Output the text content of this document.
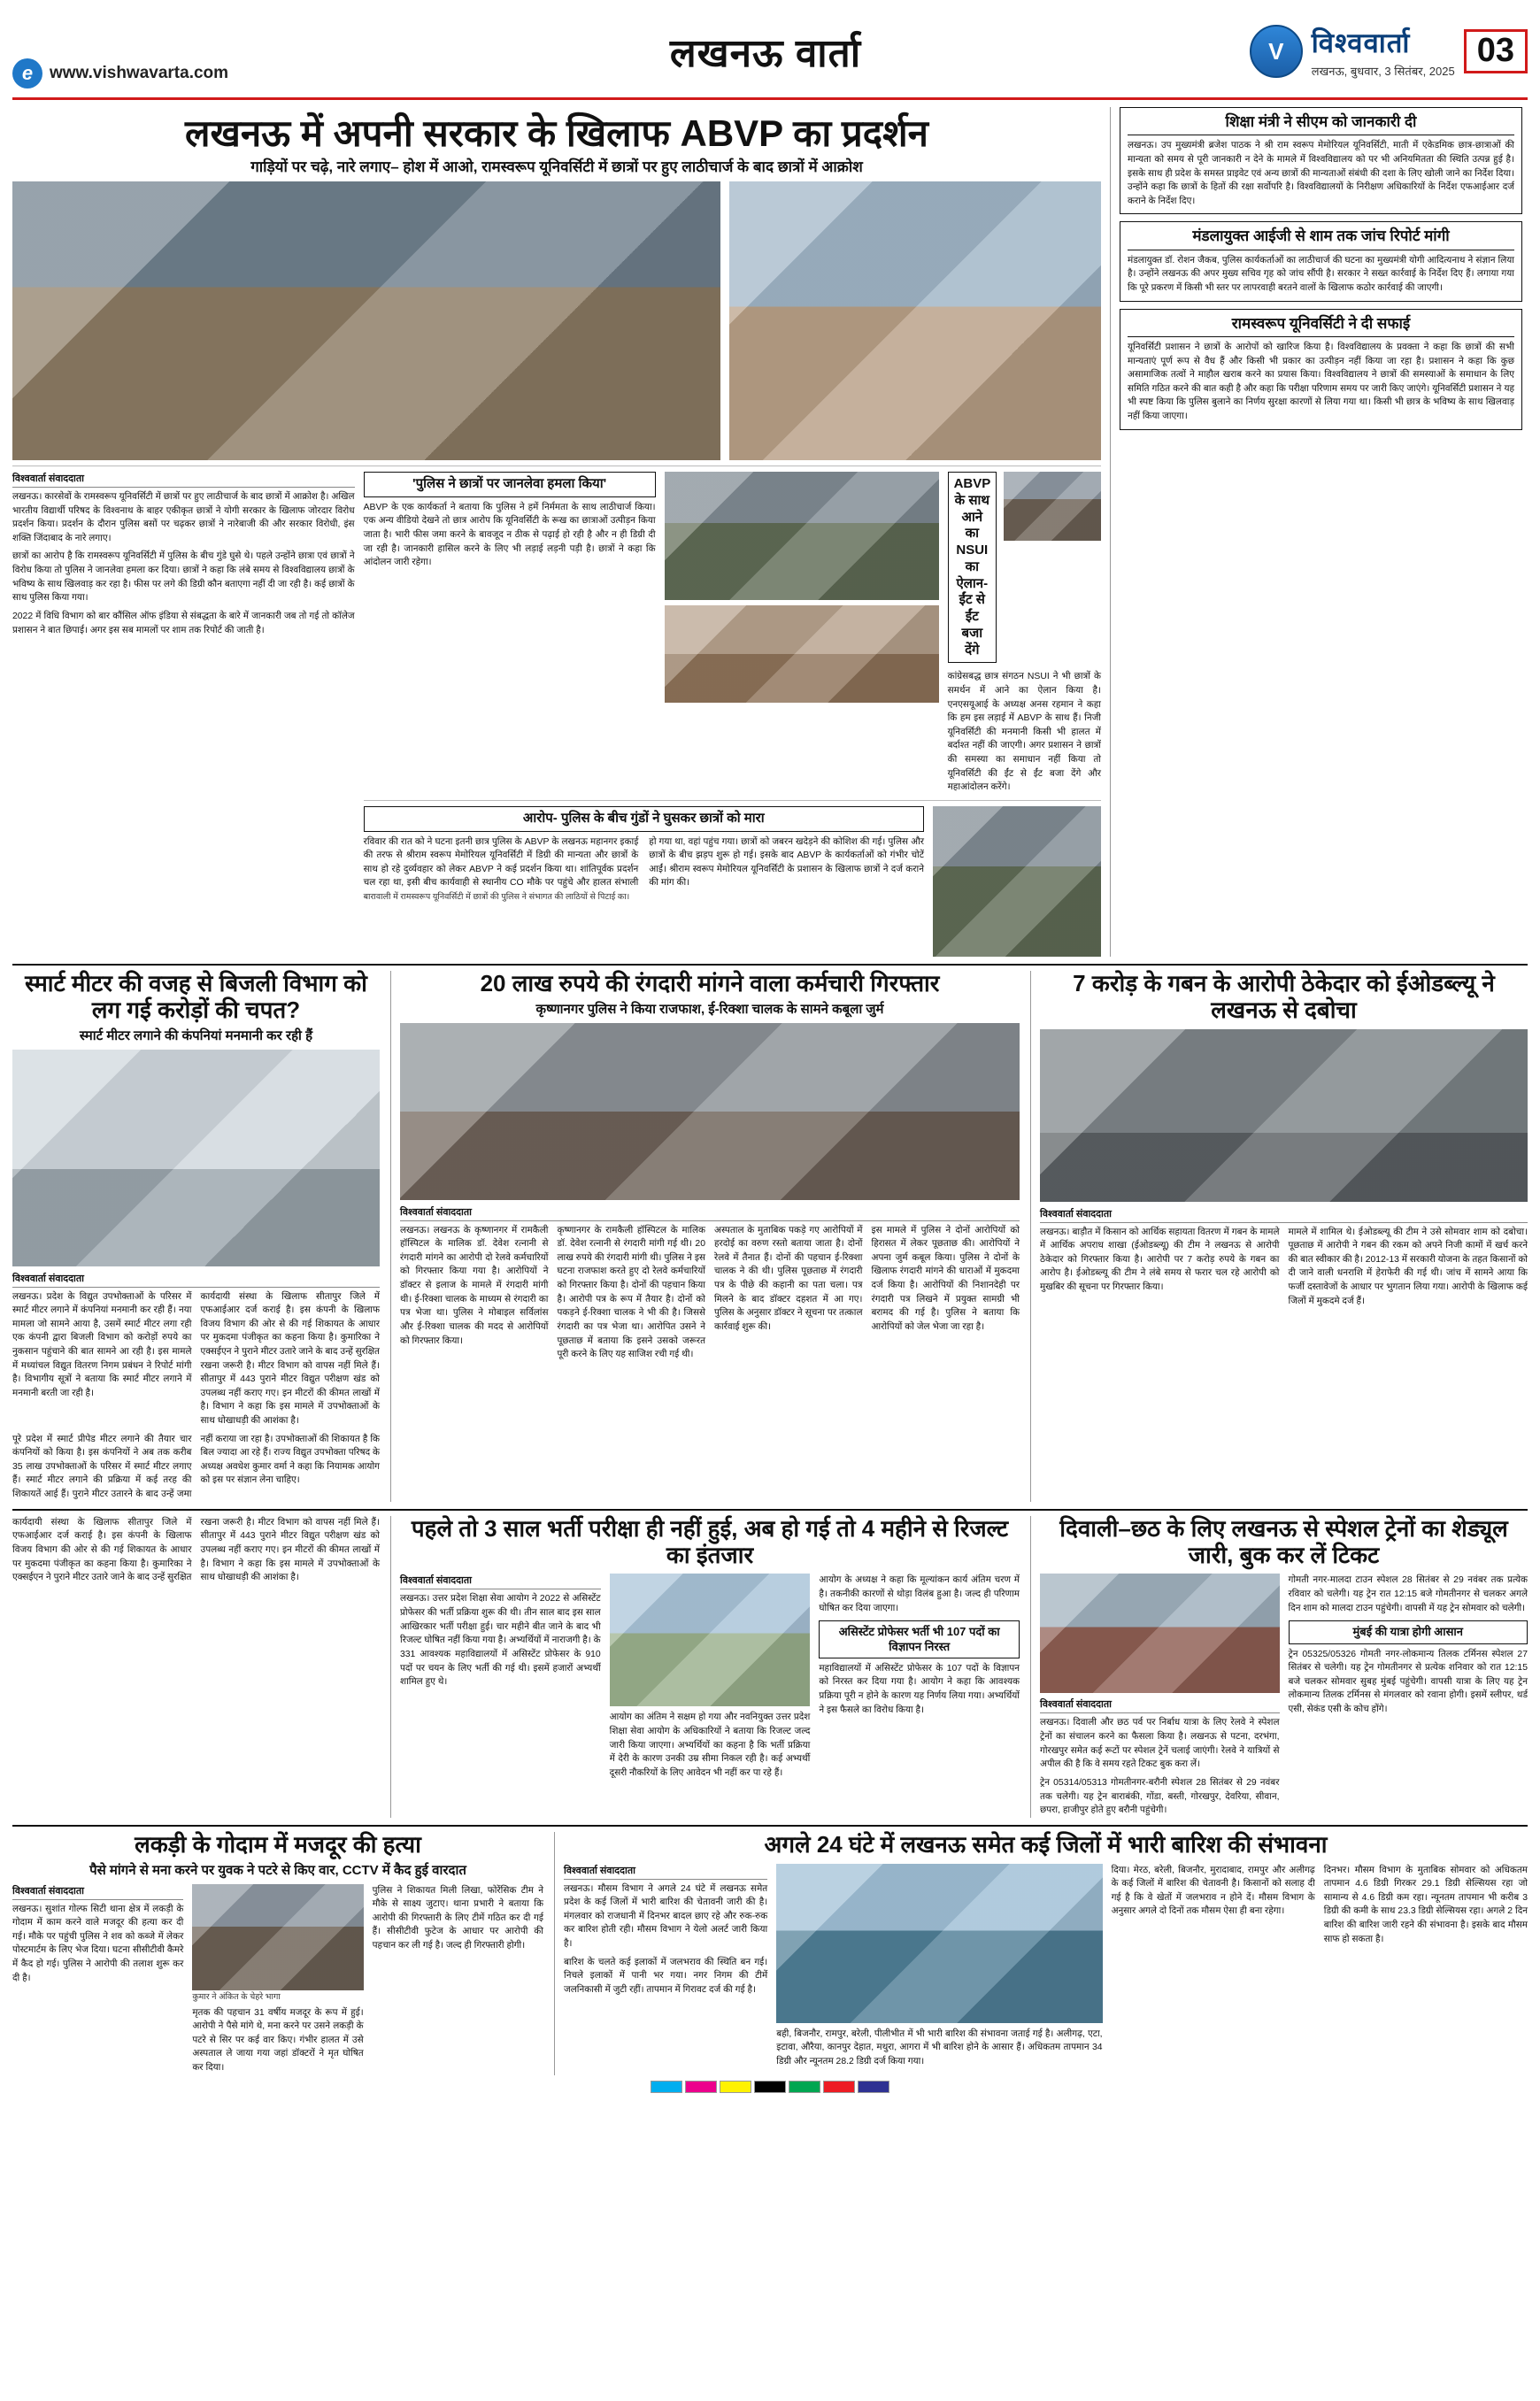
e www.vishwavarta.com	लखनऊ वार्ता	V	विश्ववार्ता
लखनऊ, बुधवार, 3 सितंबर, 2025
03
लखनऊ में अपनी सरकार के खिलाफ ABVP का प्रदर्शन
गाड़ियों पर चढ़े, नारे लगाए– होश में आओ, रामस्वरूप यूनिवर्सिटी में छात्रों पर हुए लाठीचार्ज के बाद छात्रों में आक्रोश
विश्ववार्ता संवाददाता
लखनऊ। कारसेवों के रामस्वरूप यूनिवर्सिटी में छात्रों पर हुए लाठीचार्ज के बाद छात्रों में आक्रोश है। अखिल भारतीय विद्यार्थी परिषद के विश्वनाथ के बाहर एकीकृत छात्रों ने योगी सरकार के खिलाफ जोरदार विरोध प्रदर्शन किया। प्रदर्शन के दौरान पुलिस बसों पर चढ़कर छात्रों ने नारेबाजी की और सरकार विरोधी, इंस शक्ति जिंदाबाद के नारे लगाए।
छात्रों का आरोप है कि रामस्वरूप यूनिवर्सिटी में पुलिस के बीच गुंडे घुसे थे। पहले उन्होंने छात्रा एवं छात्रों ने विरोध किया तो पुलिस ने जानलेवा हमला कर दिया। छात्रों ने कहा कि लंबे समय से विश्वविद्यालय छात्रों के भविष्य के साथ खिलवाड़ कर रहा है। फीस पर लगे की डिग्री कौन बताएगा नहीं दी जा रही है। कई छात्रों के साथ पुलिस किया गया।
2022 में विधि विभाग को बार कौंसिल ऑफ इंडिया से संबद्धता के बारे में जानकारी जब तो गई तो कॉलेज प्रशासन ने बात छिपाई। अगर इस सब मामलों पर शाम तक रिपोर्ट की जाती है।
'पुलिस ने छात्रों पर जानलेवा हमला किया'
ABVP के एक कार्यकर्ता ने बताया कि पुलिस ने हमें निर्ममता के साथ लाठीचार्ज किया। एक अन्य वीडियो देखने तो छात्र आरोप कि यूनिवर्सिटी के रूख का छात्राओं उत्पीड़न किया जाता है। भारी फीस जमा करने के बावजूद न ठीक से पढ़ाई हो रही है और न ही डिग्री दी जा रही है। जानकारी हासिल करने के लिए भी लड़ाई लड़नी पड़ी है। छात्रों ने कहा कि आंदोलन जारी रहेगा।
ABVP के साथ आने का NSUI का ऐलान- ईंट से ईंट बजा देंगे
कांग्रेसबद्ध छात्र संगठन NSUI ने भी छात्रों के समर्थन में आने का ऐलान किया है। एनएसयूआई के अध्यक्ष अनस रहमान ने कहा कि हम इस लड़ाई में ABVP के साथ हैं। निजी यूनिवर्सिटी की मनमानी किसी भी हालत में बर्दाश्त नहीं की जाएगी। अगर प्रशासन ने छात्रों की समस्या का समाधान नहीं किया तो यूनिवर्सिटी की ईंट से ईंट बजा देंगे और महाआंदोलन करेंगे।
आरोप- पुलिस के बीच गुंडों ने घुसकर छात्रों को मारा
रविवार की रात को ने घटना इतनी छात्र पुलिस के ABVP के लखनऊ महानगर इकाई की तरफ से श्रीराम स्वरूप मेमोरियल यूनिवर्सिटी में डिग्री की मान्यता और छात्रों के साथ हो रहे दुर्व्यवहार को लेकर ABVP ने कई प्रदर्शन किया था। शांतिपूर्वक प्रदर्शन चल रहा था, इसी बीच कार्यवाही से स्थानीय CO मौके पर पहुंचे और हालत संभाली हो गया था, वहां पहुंच गया। छात्रों को जबरन खदेड़ने की कोशिश की गई। पुलिस और छात्रों के बीच झड़प शुरू हो गई। इसके बाद ABVP के कार्यकर्ताओं को गंभीर चोटें आईं। श्रीराम स्वरूप मेमोरियल यूनिवर्सिटी के प्रशासन के खिलाफ छात्रों ने दर्ज कराने की मांग की।
बारावाली में रामस्वरूप यूनिवर्सिटी में छात्रों की पुलिस ने संभागत की लाठियों से पिटाई का।
शिक्षा मंत्री ने सीएम को जानकारी दी
लखनऊ। उप मुख्यमंत्री ब्रजेश पाठक ने श्री राम स्वरूप मेमोरियल यूनिवर्सिटी, माती में एकेडमिक छात्र-छात्राओं की मान्यता को समय से पूरी जानकारी न देने के मामले में विश्वविद्यालय को पर भी अनियमितता की स्थिति उत्पन्न हुई है। इसके साथ ही प्रदेश के समस्त प्राइवेट एवं अन्य छात्रों की मान्यताओं संबंधी की दशा के लिए खोली जाने का निर्देश दिया। उन्होंने कहा कि छात्रों के हितों की रक्षा सर्वोपरि है। विश्वविद्यालयों के निरीक्षण अधिकारियों के निर्देश एफआईआर दर्ज कराने के निर्देश दिए।
मंडलायुक्त आईजी से शाम तक जांच रिपोर्ट मांगी
मंडलायुक्त डॉ. रोशन जैकब, पुलिस कार्यकर्ताओं का लाठीचार्ज की घटना का मुख्यमंत्री योगी आदित्यनाथ ने संज्ञान लिया है। उन्होंने लखनऊ की अपर मुख्य सचिव गृह को जांच सौंपी है। सरकार ने सख्त कार्रवाई के निर्देश दिए हैं। लगाया गया कि पूरे प्रकरण में किसी भी स्तर पर लापरवाही बरतने वालों के खिलाफ कठोर कार्रवाई की जाएगी।
रामस्वरूप यूनिवर्सिटी ने दी सफाई
यूनिवर्सिटी प्रशासन ने छात्रों के आरोपों को खारिज किया है। विश्वविद्यालय के प्रवक्ता ने कहा कि छात्रों की सभी मान्यताएं पूर्ण रूप से वैध हैं और किसी भी प्रकार का उत्पीड़न नहीं किया जा रहा है। प्रशासन ने कहा कि कुछ असामाजिक तत्वों ने माहौल खराब करने का प्रयास किया। विश्वविद्यालय ने छात्रों की समस्याओं के समाधान के लिए समिति गठित करने की बात कही है और कहा कि परीक्षा परिणाम समय पर जारी किए जाएंगे। यूनिवर्सिटी प्रशासन ने यह भी स्पष्ट किया कि पुलिस बुलाने का निर्णय सुरक्षा कारणों से लिया गया था। किसी भी छात्र के भविष्य के साथ खिलवाड़ नहीं किया जाएगा।
स्मार्ट मीटर की वजह से बिजली विभाग को लग गई करोड़ों की चपत?
स्मार्ट मीटर लगाने की कंपनियां मनमानी कर रही हैं
विश्ववार्ता संवाददाता
लखनऊ। प्रदेश के विद्युत उपभोक्ताओं के परिसर में स्मार्ट मीटर लगाने में कंपनियां मनमानी कर रही हैं। नया मामला जो सामने आया है, उसमें स्मार्ट मीटर लगा रही एक कंपनी द्वारा बिजली विभाग को करोड़ों रुपये का नुकसान पहुंचाने की बात सामने आ रही है। इस मामले में मध्यांचल विद्युत वितरण निगम प्रबंधन ने रिपोर्ट मांगी है। विभागीय सूत्रों ने बताया कि स्मार्ट मीटर लगाने में मनमानी बरती जा रही है।
कार्यदायी संस्था के खिलाफ सीतापुर जिले में एफआईआर दर्ज कराई है। इस कंपनी के खिलाफ विजय विभाग की ओर से की गई शिकायत के आधार पर मुकदमा पंजीकृत का कहना किया है। कुमारिका ने एक्सईएन ने पुराने मीटर उतारे जाने के बाद उन्हें सुरक्षित रखना जरूरी है। मीटर विभाग को वापस नहीं मिले हैं। सीतापुर में 443 पुराने मीटर विद्युत परीक्षण खंड को उपलब्ध नहीं कराए गए। इन मीटरों की कीमत लाखों में है। विभाग ने कहा कि इस मामले में उपभोक्ताओं के साथ धोखाधड़ी की आशंका है।
पूरे प्रदेश में स्मार्ट प्रीपेड मीटर लगाने की तैयार चार कंपनियों को किया है। इस कंपनियों ने अब तक करीब 35 लाख उपभोक्ताओं के परिसर में स्मार्ट मीटर लगाए हैं। स्मार्ट मीटर लगाने की प्रक्रिया में कई तरह की शिकायतें आई हैं। पुराने मीटर उतारने के बाद उन्हें जमा नहीं कराया जा रहा है। उपभोक्ताओं की शिकायत है कि बिल ज्यादा आ रहे हैं। राज्य विद्युत उपभोक्ता परिषद के अध्यक्ष अवधेश कुमार वर्मा ने कहा कि नियामक आयोग को इस पर संज्ञान लेना चाहिए।
20 लाख रुपये की रंगदारी मांगने वाला कर्मचारी गिरफ्तार
कृष्णानगर पुलिस ने किया राजफाश, ई-रिक्शा चालक के सामने कबूला जुर्म
विश्ववार्ता संवाददाता
लखनऊ। लखनऊ के कृष्णानगर में रामकैली हॉस्पिटल के मालिक डॉ. देवेश रत्नानी से रंगदारी मांगने का आरोपी दो रेलवे कर्मचारियों को गिरफ्तार किया गया है। आरोपियों ने डॉक्टर से इलाज के मामले में रंगदारी मांगी थी। ई-रिक्शा चालक के माध्यम से रंगदारी का पत्र भेजा था। पुलिस ने मोबाइल सर्विलांस और ई-रिक्शा चालक की मदद से आरोपियों को गिरफ्तार किया।
कृष्णानगर के रामकैली हॉस्पिटल के मालिक डॉ. देवेश रत्नानी से रंगदारी मांगी गई थी। 20 लाख रुपये की रंगदारी मांगी थी। पुलिस ने इस घटना राजफाश करते हुए दो रेलवे कर्मचारियों को गिरफ्तार किया है। दोनों की पहचान किया है। आरोपी पत्र के रूप में तैयार है। दोनों को पकड़ने ई-रिक्शा चालक ने भी की है। जिससे रंगदारी का पत्र भेजा था। आरोपित उसने ने पूछताछ में बताया कि इसने उसको जरूरत पूरी करने के लिए यह साजिश रची गई थी।
अस्पताल के मुताबिक पकड़े गए आरोपियों में हरदोई का वरुण रस्तो बताया जाता है। दोनों रेलवे में तैनात हैं। दोनों की पहचान ई-रिक्शा चालक ने की थी। पुलिस पूछताछ में रंगदारी पत्र के पीछे की कहानी का पता चला। पत्र मिलने के बाद डॉक्टर दहशत में आ गए। पुलिस के अनुसार डॉक्टर ने सूचना पर तत्काल कार्रवाई शुरू की।
इस मामले में पुलिस ने दोनों आरोपियों को हिरासत में लेकर पूछताछ की। आरोपियों ने अपना जुर्म कबूल किया। पुलिस ने दोनों के खिलाफ रंगदारी मांगने की धाराओं में मुकदमा दर्ज किया है। आरोपियों की निशानदेही पर रंगदारी पत्र लिखने में प्रयुक्त सामग्री भी बरामद की गई है। पुलिस ने बताया कि आरोपियों को जेल भेजा जा रहा है।
7 करोड़ के गबन के आरोपी ठेकेदार को ईओडब्ल्यू ने लखनऊ से दबोचा
विश्ववार्ता संवाददाता
लखनऊ। बाड़ौत में किसान को आर्थिक सहायता वितरण में गबन के मामले में आर्थिक अपराध शाखा (ईओडब्ल्यू) की टीम ने लखनऊ से आरोपी ठेकेदार को गिरफ्तार किया है। आरोपी पर 7 करोड़ रुपये के गबन का आरोप है। ईओडब्ल्यू की टीम ने लंबे समय से फरार चल रहे आरोपी को मुखबिर की सूचना पर गिरफ्तार किया।
मामले में शामिल थे। ईओडब्ल्यू की टीम ने उसे सोमवार शाम को दबोचा। पूछताछ में आरोपी ने गबन की रकम को अपने निजी कामों में खर्च करने की बात स्वीकार की है। 2012-13 में सरकारी योजना के तहत किसानों को दी जाने वाली धनराशि में हेराफेरी की गई थी। जांच में सामने आया कि फर्जी दस्तावेजों के आधार पर भुगतान लिया गया। आरोपी के खिलाफ कई जिलों में मुकदमे दर्ज हैं।
कार्यदायी संस्था के खिलाफ सीतापुर जिले में एफआईआर दर्ज कराई है। इस कंपनी के खिलाफ विजय विभाग की ओर से की गई शिकायत के आधार पर मुकदमा पंजीकृत का कहना किया है। कुमारिका ने एक्सईएन ने पुराने मीटर उतारे जाने के बाद उन्हें सुरक्षित रखना जरूरी है। मीटर विभाग को वापस नहीं मिले हैं। सीतापुर में 443 पुराने मीटर विद्युत परीक्षण खंड को उपलब्ध नहीं कराए गए। इन मीटरों की कीमत लाखों में है। विभाग ने कहा कि इस मामले में उपभोक्ताओं के साथ धोखाधड़ी की आशंका है।
पहले तो 3 साल भर्ती परीक्षा ही नहीं हुई, अब हो गई तो 4 महीने से रिजल्ट का इंतजार
विश्ववार्ता संवाददाता
लखनऊ। उत्तर प्रदेश शिक्षा सेवा आयोग ने 2022 से असिस्टेंट प्रोफेसर की भर्ती प्रक्रिया शुरू की थी। तीन साल बाद इस साल आखिरकार भर्ती परीक्षा हुई। चार महीने बीत जाने के बाद भी रिजल्ट घोषित नहीं किया गया है। अभ्यर्थियों में नाराजगी है। के 331 आवश्यक महाविद्यालयों में असिस्टेंट प्रोफेसर के 910 पदों पर चयन के लिए भर्ती की गई थी। इसमें हजारों अभ्यर्थी शामिल हुए थे।
आयोग का अंतिम ने सक्षम हो गया और नवनियुक्त उत्तर प्रदेश शिक्षा सेवा आयोग के अधिकारियों ने बताया कि रिजल्ट जल्द जारी किया जाएगा। अभ्यर्थियों का कहना है कि भर्ती प्रक्रिया में देरी के कारण उनकी उम्र सीमा निकल रही है। कई अभ्यर्थी दूसरी नौकरियों के लिए आवेदन भी नहीं कर पा रहे हैं।
आयोग के अध्यक्ष ने कहा कि मूल्यांकन कार्य अंतिम चरण में है। तकनीकी कारणों से थोड़ा विलंब हुआ है। जल्द ही परिणाम घोषित कर दिया जाएगा।
असिस्टेंट प्रोफेसर भर्ती भी 107 पदों का विज्ञापन निरस्त
महाविद्यालयों में असिस्टेंट प्रोफेसर के 107 पदों के विज्ञापन को निरस्त कर दिया गया है। आयोग ने कहा कि आवश्यक प्रक्रिया पूरी न होने के कारण यह निर्णय लिया गया। अभ्यर्थियों ने इस फैसले का विरोध किया है।
दिवाली–छठ के लिए लखनऊ से स्पेशल ट्रेनों का शेड्यूल जारी, बुक कर लें टिकट
विश्ववार्ता संवाददाता
लखनऊ। दिवाली और छठ पर्व पर निर्बाध यात्रा के लिए रेलवे ने स्पेशल ट्रेनों का संचालन करने का फैसला किया है। लखनऊ से पटना, दरभंगा, गोरखपुर समेत कई रूटों पर स्पेशल ट्रेनें चलाई जाएंगी। रेलवे ने यात्रियों से अपील की है कि वे समय रहते टिकट बुक करा लें।
ट्रेन 05314/05313 गोमतीनगर-बरौनी स्पेशल 28 सितंबर से 29 नवंबर तक चलेगी। यह ट्रेन बाराबंकी, गोंडा, बस्ती, गोरखपुर, देवरिया, सीवान, छपरा, हाजीपुर होते हुए बरौनी पहुंचेगी।
गोमती नगर-मालदा टाउन स्पेशल 28 सितंबर से 29 नवंबर तक प्रत्येक रविवार को चलेगी। यह ट्रेन रात 12:15 बजे गोमतीनगर से चलकर अगले दिन शाम को मालदा टाउन पहुंचेगी। वापसी में यह ट्रेन सोमवार को चलेगी।
मुंबई की यात्रा होगी आसान
ट्रेन 05325/05326 गोमती नगर-लोकमान्य तिलक टर्मिनस स्पेशल 27 सितंबर से चलेगी। यह ट्रेन गोमतीनगर से प्रत्येक शनिवार को रात 12:15 बजे चलकर सोमवार सुबह मुंबई पहुंचेगी। वापसी यात्रा के लिए यह ट्रेन लोकमान्य तिलक टर्मिनस से मंगलवार को रवाना होगी। इसमें स्लीपर, थर्ड एसी, सेकंड एसी के कोच होंगे।
लकड़ी के गोदाम में मजदूर की हत्या
पैसे मांगने से मना करने पर युवक ने पटरे से किए वार, CCTV में कैद हुई वारदात
विश्ववार्ता संवाददाता
लखनऊ। सुशांत गोल्फ सिटी थाना क्षेत्र में लकड़ी के गोदाम में काम करने वाले मजदूर की हत्या कर दी गई। मौके पर पहुंची पुलिस ने शव को कब्जे में लेकर पोस्टमार्टम के लिए भेज दिया। घटना सीसीटीवी कैमरे में कैद हो गई। पुलिस ने आरोपी की तलाश शुरू कर दी है।
कुमार ने अंकित के चेहरे भागा
मृतक की पहचान 31 वर्षीय मजदूर के रूप में हुई। आरोपी ने पैसे मांगे थे, मना करने पर उसने लकड़ी के पटरे से सिर पर कई वार किए। गंभीर हालत में उसे अस्पताल ले जाया गया जहां डॉक्टरों ने मृत घोषित कर दिया।
पुलिस ने शिकायत मिली लिखा, फोरेंसिक टीम ने मौके से साक्ष्य जुटाए। थाना प्रभारी ने बताया कि आरोपी की गिरफ्तारी के लिए टीमें गठित कर दी गई हैं। सीसीटीवी फुटेज के आधार पर आरोपी की पहचान कर ली गई है। जल्द ही गिरफ्तारी होगी।
अगले 24 घंटे में लखनऊ समेत कई जिलों में भारी बारिश की संभावना
विश्ववार्ता संवाददाता
लखनऊ। मौसम विभाग ने अगले 24 घंटे में लखनऊ समेत प्रदेश के कई जिलों में भारी बारिश की चेतावनी जारी की है। मंगलवार को राजधानी में दिनभर बादल छाए रहे और रुक-रुक कर बारिश होती रही। मौसम विभाग ने येलो अलर्ट जारी किया है।
बारिश के चलते कई इलाकों में जलभराव की स्थिति बन गई। निचले इलाकों में पानी भर गया। नगर निगम की टीमें जलनिकासी में जुटी रहीं। तापमान में गिरावट दर्ज की गई है।
बही, बिजनौर, रामपुर, बरेली, पीलीभीत में भी भारी बारिश की संभावना जताई गई है। अलीगढ़, एटा, इटावा, औरैया, कानपुर देहात, मथुरा, आगरा में भी बारिश होने के आसार हैं। अधिकतम तापमान 34 डिग्री और न्यूनतम 28.2 डिग्री दर्ज किया गया।
दिया। मेरठ, बरेली, बिजनौर, मुरादाबाद, रामपुर और अलीगढ़ के कई जिलों में बारिश की चेतावनी है। किसानों को सलाह दी गई है कि वे खेतों में जलभराव न होने दें। मौसम विभाग के अनुसार अगले दो दिनों तक मौसम ऐसा ही बना रहेगा।
दिनभर। मौसम विभाग के मुताबिक सोमवार को अधिकतम तापमान 4.6 डिग्री गिरकर 29.1 डिग्री सेल्सियस रहा जो सामान्य से 4.6 डिग्री कम रहा। न्यूनतम तापमान भी करीब 3 डिग्री की कमी के साथ 23.3 डिग्री सेल्सियस रहा। अगले 2 दिन बारिश की बारिश जारी रहने की संभावना है। इसके बाद मौसम साफ हो सकता है।
